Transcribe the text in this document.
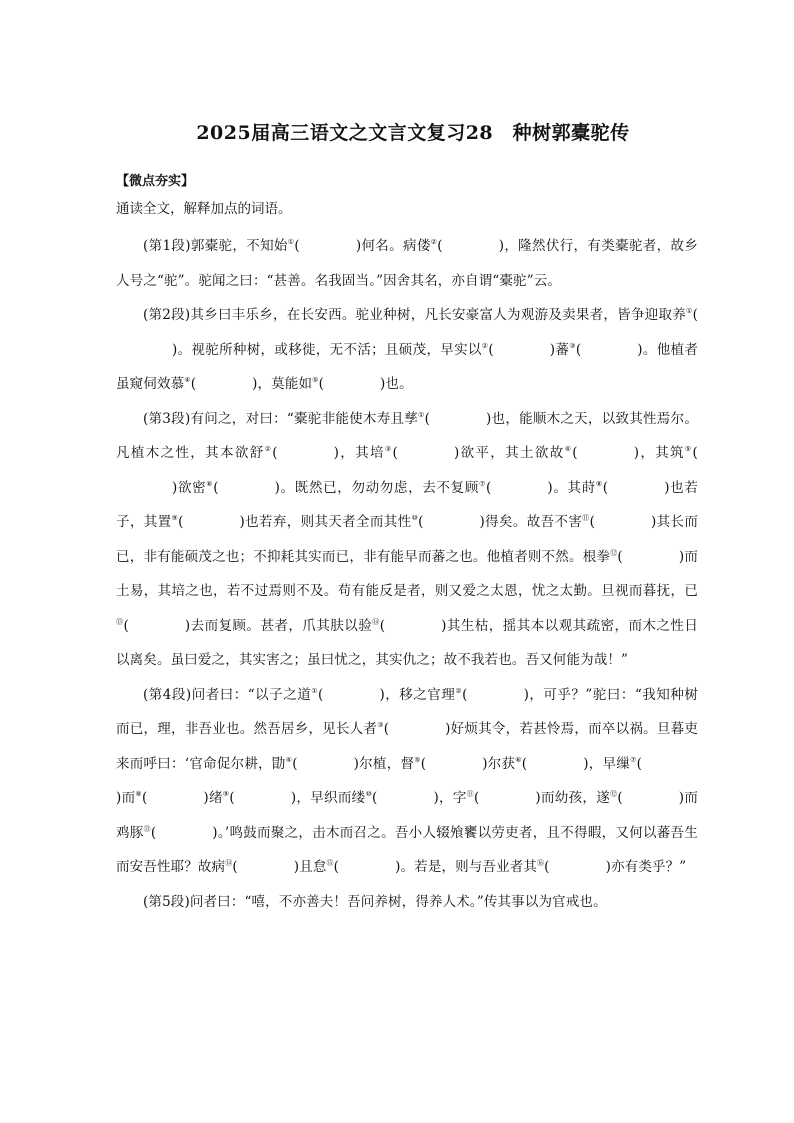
2025届高三语文之文言文复习28　种树郭橐驼传
【微点夯实】
通读全文，解释加点的词语。

(第1段)郭橐驼，不知始①(	)何名。病偻②(	)，隆然伏行，有类橐驼者，故乡人号之“驼”。驼闻之曰：“甚善。名我固当。”因舍其名，亦自谓“橐驼”云。

(第2段)其乡曰丰乐乡，在长安西。驼业种树，凡长安豪富人为观游及卖果者，皆争迎取养①()。视驼所种树，或移徙，无不活；且硕茂，早实以②(	)蕃③(	)。他植者虽窥伺效慕④(	)，莫能如⑤(	)也。

(第3段)有问之，对曰：“橐驼非能使木寿且孳①(	)也，能顺木之天，以致其性焉尔。凡植木之性，其本欲舒②(	)，其培③(	)欲平，其土欲故④(	)，其筑⑤()欲密⑥(	)。既然已，勿动勿虑，去不复顾⑦(	)。其莳⑧(	)也若子，其置⑨(	)也若弃，则其天者全而其性⑩(	)得矣。故吾不害⑪(	)其长而已，非有能硕茂之也；不抑耗其实而已，非有能早而蕃之也。他植者则不然。根拳⑫(	)而土易，其培之也，若不过焉则不及。苟有能反是者，则又爱之太恩，忧之太勤。旦视而暮抚，已⑬(	)去而复顾。甚者，爪其肤以验⑭(	)其生枯，摇其本以观其疏密，而木之性日以离矣。虽曰爱之，其实害之；虽曰忧之，其实仇之；故不我若也。吾又何能为哉！”

(第4段)问者曰：“以子之道①(	)，移之官理②(	)，可乎？”驼曰：“我知种树而已，理，非吾业也。然吾居乡，见长人者③(	)好烦其令，若甚怜焉，而卒以祸。旦暮吏来而呼曰：‘官命促尔耕，勖④(	)尔植，督⑤(	)尔获⑥(	)，早缫⑦()而⑧(	)绪⑨(	)，早织而缕⑩(	)，字⑪(	)而幼孩，遂⑫(	)而鸡豚⑬(	)。’鸣鼓而聚之，击木而召之。吾小人辍飧饔以劳吏者，且不得暇，又何以蕃吾生而安吾性耶？故病⑭(	)且怠⑮(	)。若是，则与吾业者其⑯(	)亦有类乎？”

(第5段)问者曰：“嘻，不亦善夫！吾问养树，得养人术。”传其事以为官戒也。
